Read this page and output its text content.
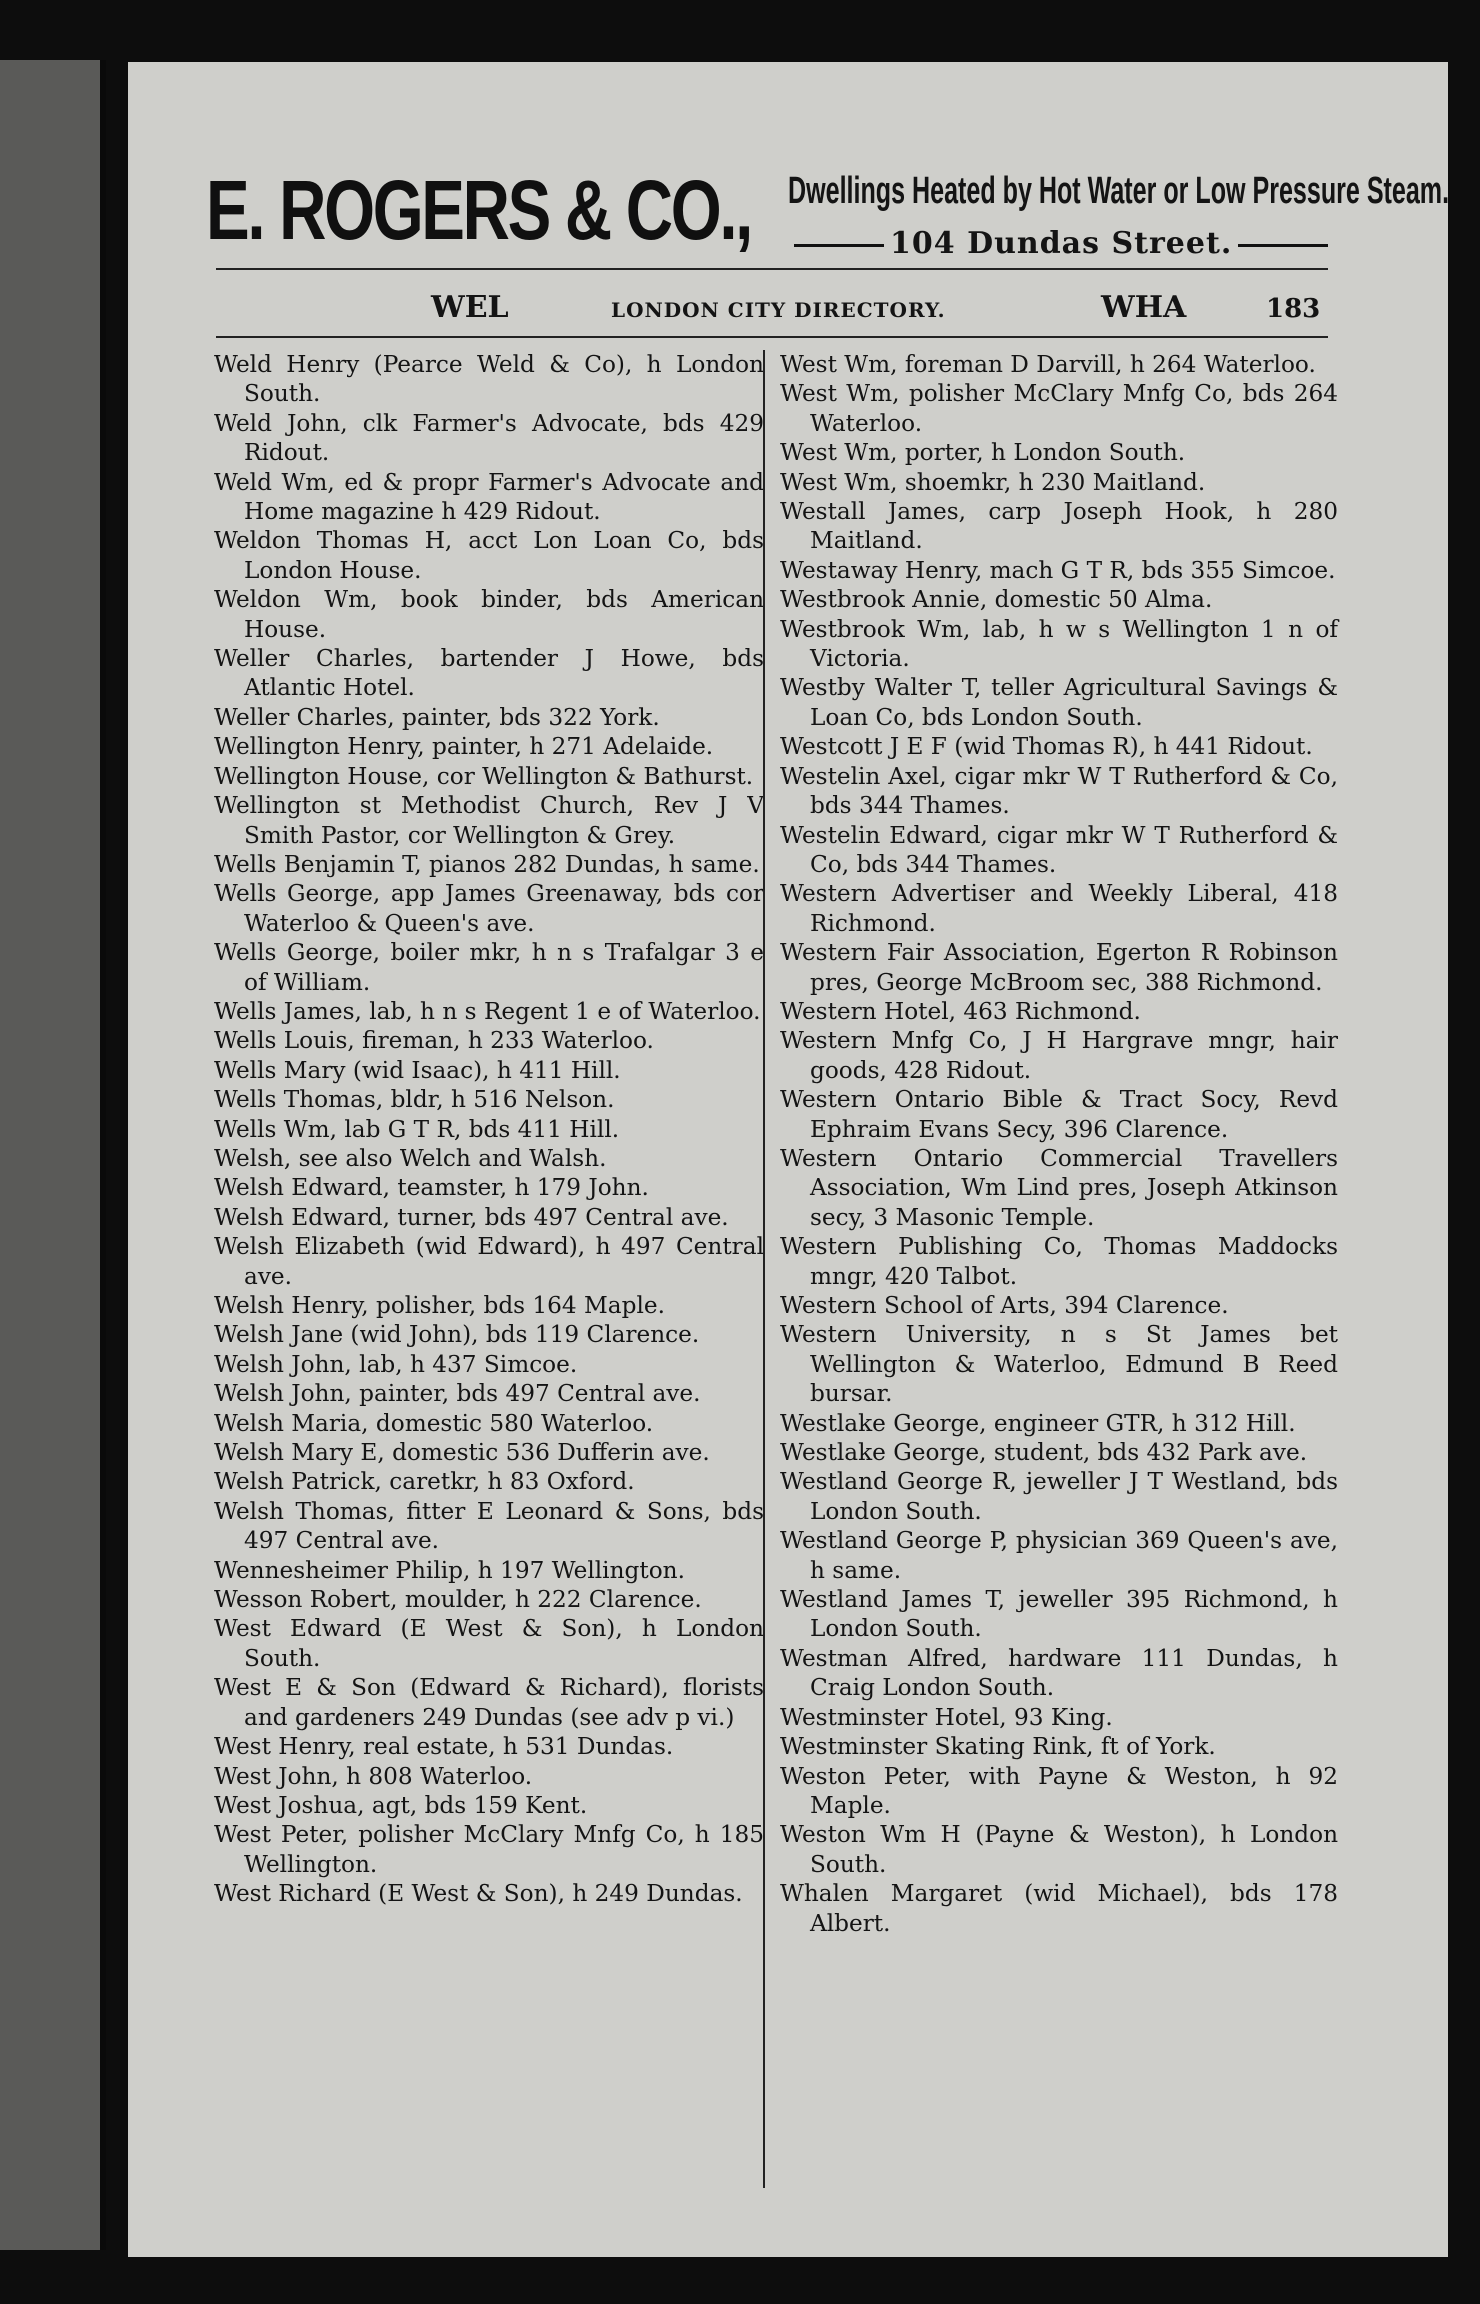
E. ROGERS & CO., Dwellings Heated by Hot Water or Low Pressure Steam.
104 Dundas Street.
WEL	LONDON CITY DIRECTORY.	WHA	183

Weld Henry (Pearce Weld & Co), h London South.

Weld John, clk Farmer's Advocate, bds 429 Ridout.

Weld Wm, ed & propr Farmer's Advocate and Home magazine h 429 Ridout.

Weldon Thomas H, acct Lon Loan Co, bds London House.

Weldon Wm, book binder, bds American House.

Weller Charles, bartender J Howe, bds Atlantic Hotel.

Weller Charles, painter, bds 322 York.

Wellington Henry, painter, h 271 Adelaide.

Wellington House, cor Wellington & Bathurst.

Wellington st Methodist Church, Rev J V Smith Pastor, cor Wellington & Grey.

Wells Benjamin T, pianos 282 Dundas, h same.

Wells George, app James Greenaway, bds cor Waterloo & Queen's ave.

Wells George, boiler mkr, h n s Trafalgar 3 e of William.

Wells James, lab, h n s Regent 1 e of Waterloo.

Wells Louis, fireman, h 233 Waterloo.

Wells Mary (wid Isaac), h 411 Hill.

Wells Thomas, bldr, h 516 Nelson.

Wells Wm, lab G T R, bds 411 Hill.

Welsh, see also Welch and Walsh.

Welsh Edward, teamster, h 179 John.

Welsh Edward, turner, bds 497 Central ave.

Welsh Elizabeth (wid Edward), h 497 Central ave.

Welsh Henry, polisher, bds 164 Maple.

Welsh Jane (wid John), bds 119 Clarence.

Welsh John, lab, h 437 Simcoe.

Welsh John, painter, bds 497 Central ave.

Welsh Maria, domestic 580 Waterloo.

Welsh Mary E, domestic 536 Dufferin ave.

Welsh Patrick, caretkr, h 83 Oxford.

Welsh Thomas, fitter E Leonard & Sons, bds 497 Central ave.

Wennesheimer Philip, h 197 Wellington.

Wesson Robert, moulder, h 222 Clarence.

West Edward (E West & Son), h London South.

West E & Son (Edward & Richard), florists and gardeners 249 Dundas (see adv p vi.)

West Henry, real estate, h 531 Dundas.

West John, h 808 Waterloo.

West Joshua, agt, bds 159 Kent.

West Peter, polisher McClary Mnfg Co, h 185 Wellington.

West Richard (E West & Son), h 249 Dundas.

West Wm, foreman D Darvill, h 264 Waterloo.

West Wm, polisher McClary Mnfg Co, bds 264 Waterloo.

West Wm, porter, h London South.

West Wm, shoemkr, h 230 Maitland.

Westall James, carp Joseph Hook, h 280 Maitland.

Westaway Henry, mach G T R, bds 355 Simcoe.

Westbrook Annie, domestic 50 Alma.

Westbrook Wm, lab, h w s Wellington 1 n of Victoria.

Westby Walter T, teller Agricultural Savings & Loan Co, bds London South.

Westcott J E F (wid Thomas R), h 441 Ridout.

Westelin Axel, cigar mkr W T Rutherford & Co, bds 344 Thames.

Westelin Edward, cigar mkr W T Rutherford & Co, bds 344 Thames.

Western Advertiser and Weekly Liberal, 418 Richmond.

Western Fair Association, Egerton R Robinson pres, George McBroom sec, 388 Richmond.

Western Hotel, 463 Richmond.

Western Mnfg Co, J H Hargrave mngr, hair goods, 428 Ridout.

Western Ontario Bible & Tract Socy, Revd Ephraim Evans Secy, 396 Clarence.

Western Ontario Commercial Travellers Association, Wm Lind pres, Joseph Atkinson secy, 3 Masonic Temple.

Western Publishing Co, Thomas Maddocks mngr, 420 Talbot.

Western School of Arts, 394 Clarence.

Western University, n s St James bet Wellington & Waterloo, Edmund B Reed bursar.

Westlake George, engineer GTR, h 312 Hill.

Westlake George, student, bds 432 Park ave.

Westland George R, jeweller J T Westland, bds London South.

Westland George P, physician 369 Queen's ave, h same.

Westland James T, jeweller 395 Richmond, h London South.

Westman Alfred, hardware 111 Dundas, h Craig London South.

Westminster Hotel, 93 King.

Westminster Skating Rink, ft of York.

Weston Peter, with Payne & Weston, h 92 Maple.

Weston Wm H (Payne & Weston), h London South.

Whalen Margaret (wid Michael), bds 178 Albert.
